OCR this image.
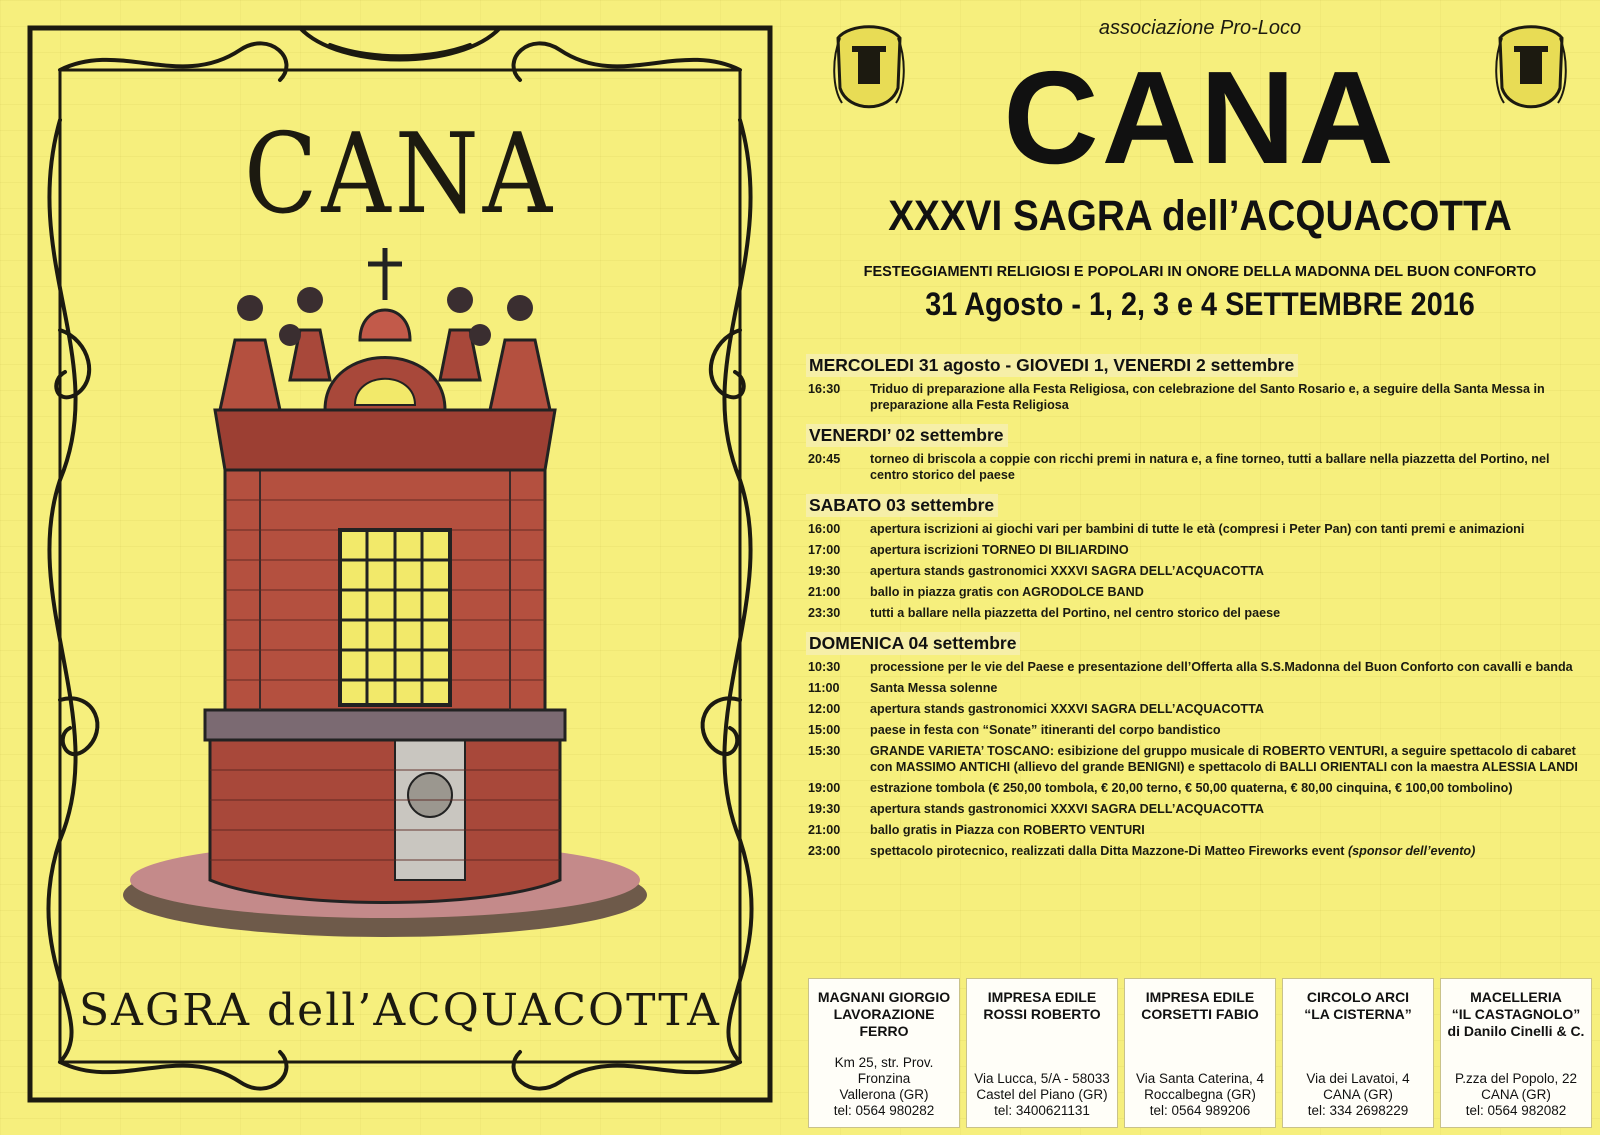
CANA
SAGRA dell’ACQUACOTTA
associazione Pro-Loco
CANA
XXXVI SAGRA dell’ACQUACOTTA
FESTEGGIAMENTI RELIGIOSI E POPOLARI IN ONORE DELLA MADONNA DEL BUON CONFORTO
31 Agosto - 1, 2, 3 e 4 SETTEMBRE 2016
MERCOLEDI 31 agosto - GIOVEDI 1, VENERDI 2 settembre
16:30	Triduo di preparazione alla Festa Religiosa, con celebrazione del Santo Rosario e, a seguire della Santa Messa in preparazione alla Festa Religiosa
VENERDI’ 02 settembre
20:45	torneo di briscola a coppie con ricchi premi in natura e, a fine torneo, tutti a ballare nella piazzetta del Portino, nel centro storico del paese
SABATO 03 settembre
16:00	apertura iscrizioni ai giochi vari per bambini di tutte le età (compresi i Peter Pan) con tanti premi e animazioni
17:00	apertura iscrizioni TORNEO DI BILIARDINO
19:30	apertura stands gastronomici XXXVI SAGRA DELL’ACQUACOTTA
21:00	ballo in piazza gratis con AGRODOLCE BAND
23:30	tutti a ballare nella piazzetta del Portino, nel centro storico del paese
DOMENICA 04 settembre
10:30	processione per le vie del Paese e presentazione dell’Offerta alla S.S.Madonna del Buon Conforto con cavalli e banda
11:00	Santa Messa solenne
12:00	apertura stands gastronomici XXXVI SAGRA DELL’ACQUACOTTA
15:00	paese in festa con “Sonate” itineranti del corpo bandistico
15:30	GRANDE VARIETA’ TOSCANO: esibizione del gruppo musicale di ROBERTO VENTURI, a seguire spettacolo di cabaret con MASSIMO ANTICHI (allievo del grande BENIGNI) e spettacolo di BALLI ORIENTALI con la maestra ALESSIA LANDI
19:00	estrazione tombola (€ 250,00 tombola, € 20,00 terno, € 50,00 quaterna, € 80,00 cinquina, € 100,00 tombolino)
19:30	apertura stands gastronomici XXXVI SAGRA DELL’ACQUACOTTA
21:00	ballo gratis in Piazza con ROBERTO VENTURI
23:00	spettacolo pirotecnico, realizzati dalla Ditta Mazzone-Di Matteo Fireworks event (sponsor dell’evento)
MAGNANI GIORGIO
LAVORAZIONE FERRO
Km 25, str. Prov. Fronzina
Vallerona (GR)
tel: 0564 980282
IMPRESA EDILE
ROSSI ROBERTO
Via Lucca, 5/A - 58033
Castel del Piano (GR)
tel: 3400621131
IMPRESA EDILE
CORSETTI FABIO
Via Santa Caterina, 4
Roccalbegna (GR)
tel: 0564 989206
CIRCOLO ARCI
“LA CISTERNA”
Via dei Lavatoi, 4
CANA (GR)
tel: 334 2698229
MACELLERIA
“IL CASTAGNOLO”
di Danilo Cinelli & C.
P.zza del Popolo, 22
CANA (GR)
tel: 0564 982082
